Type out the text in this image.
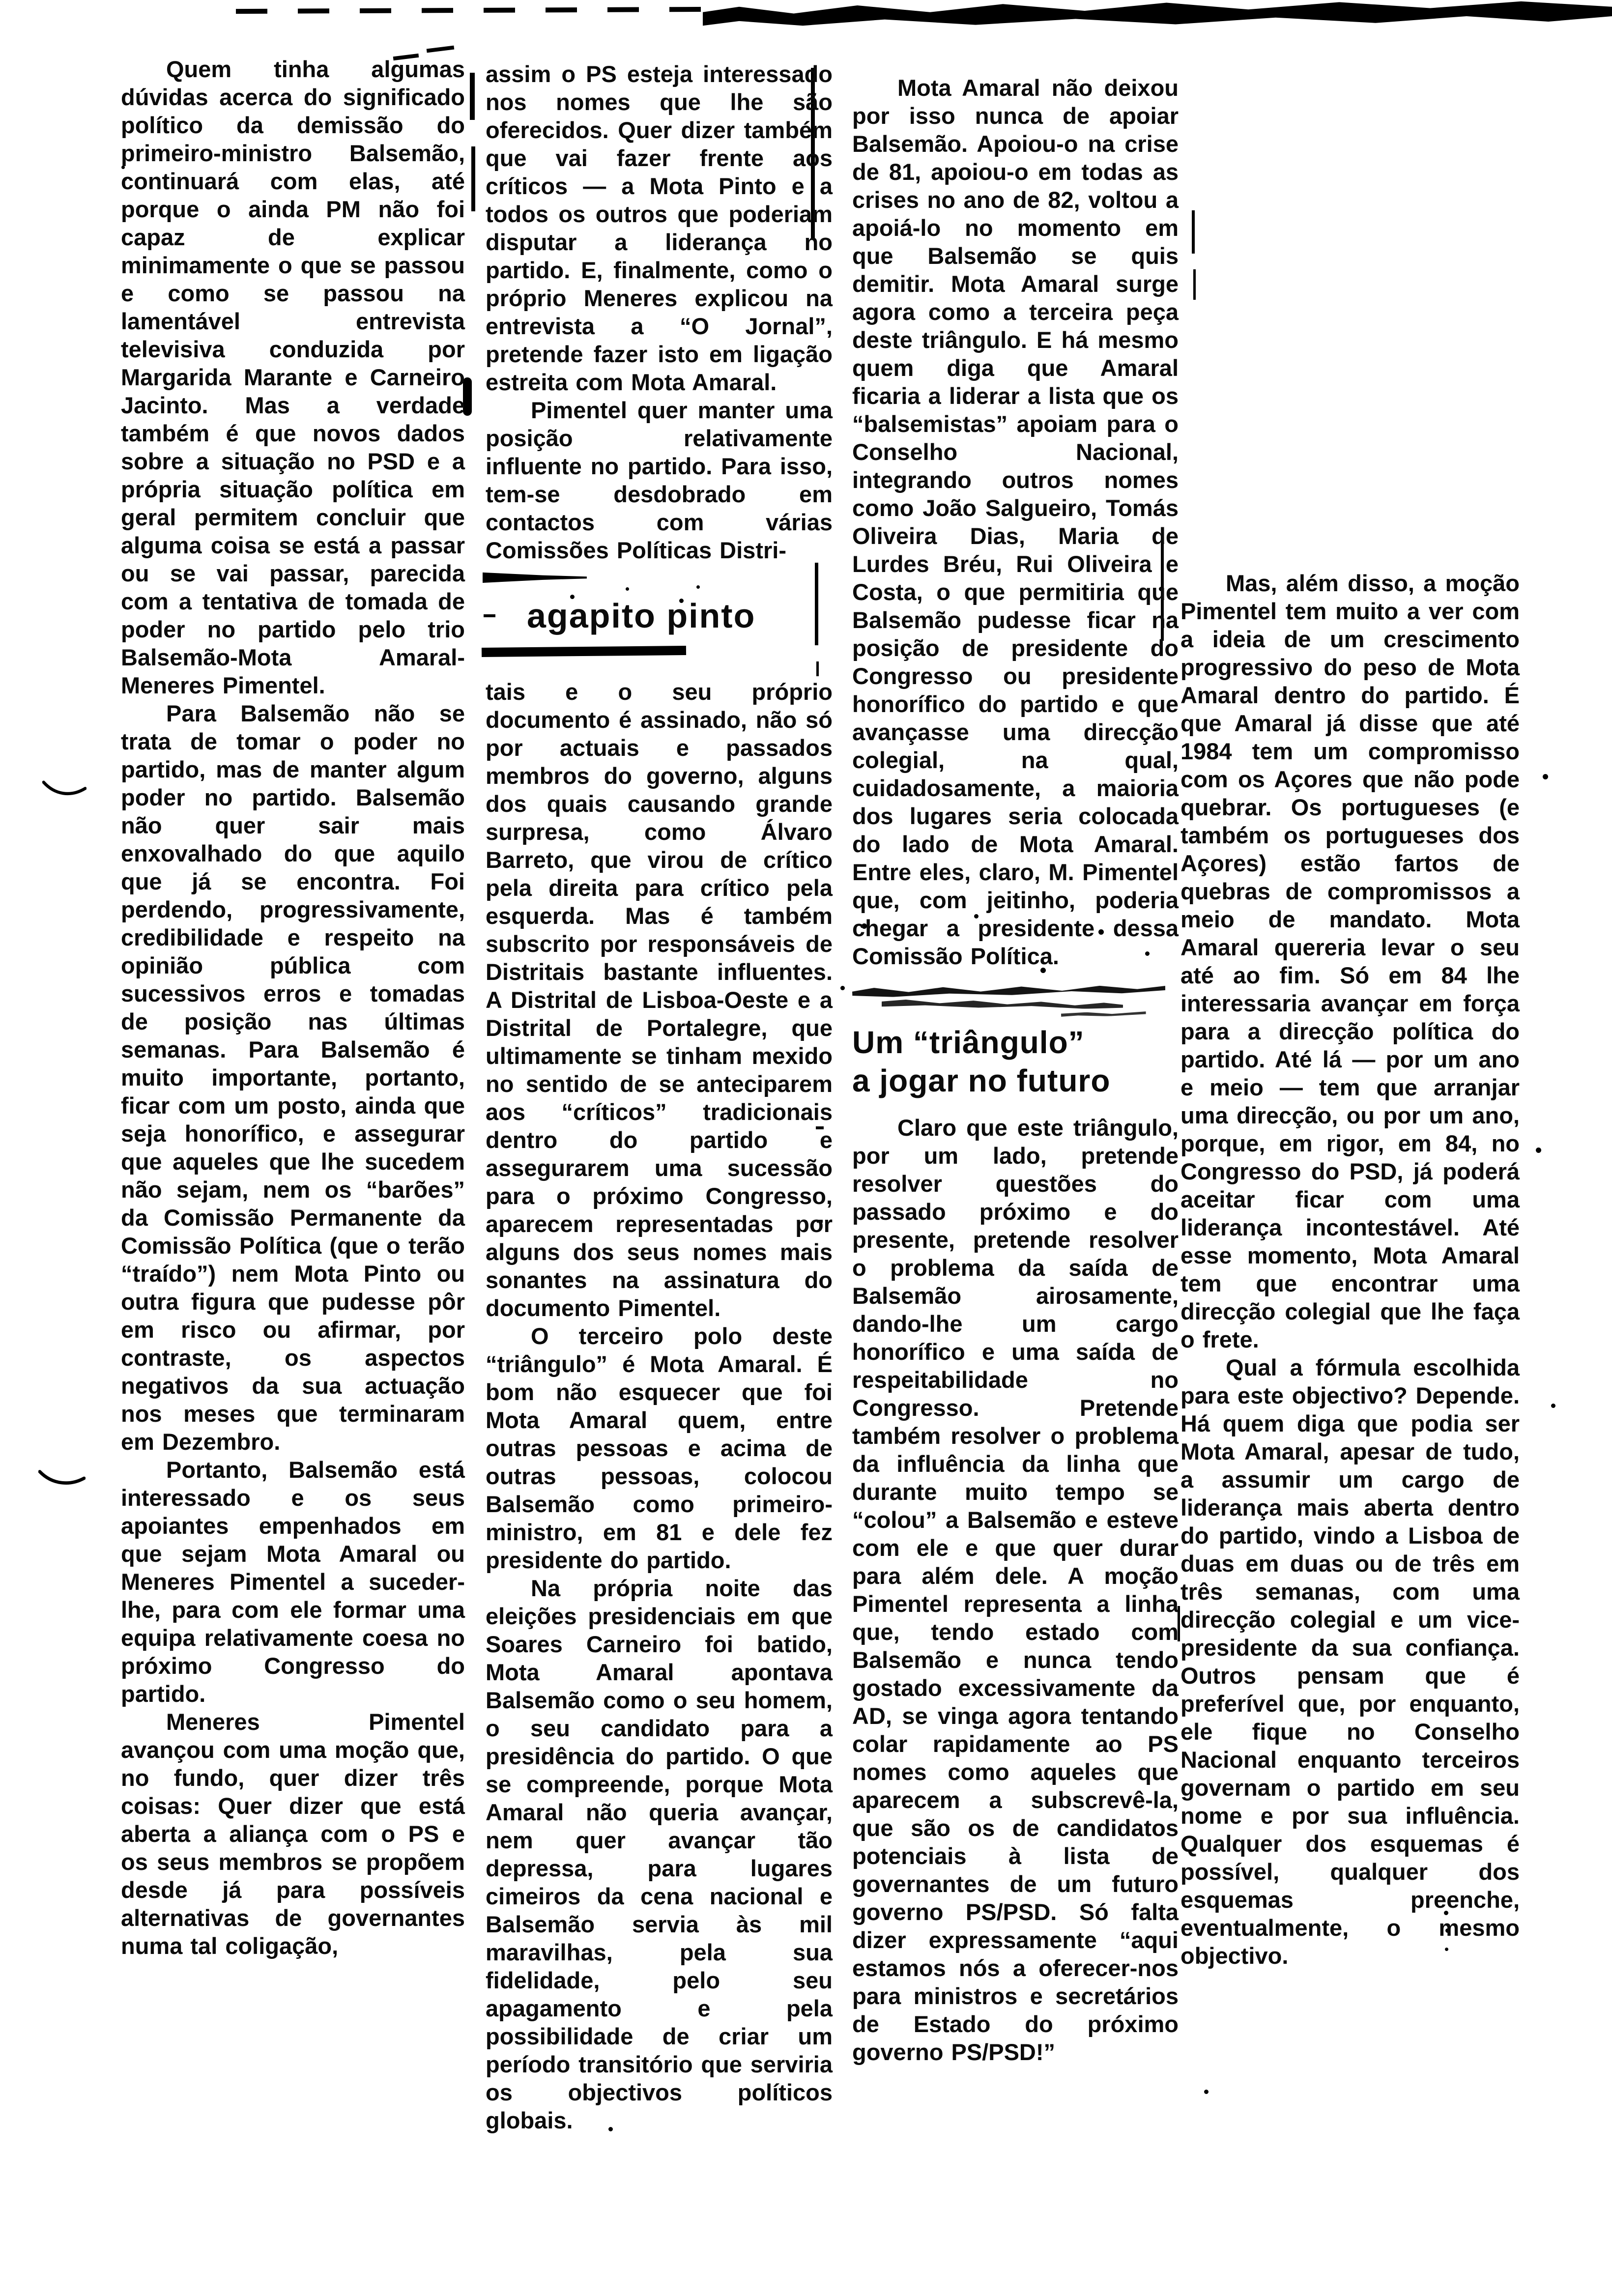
Quem tinha algumas dúvidas acerca do significado político da demissão do primeiro-ministro Balsemão, continuará com elas, até porque o ainda PM não foi capaz de explicar minimamente o que se passou e como se passou na lamentável entrevista televisiva conduzida por Margarida Marante e Carneiro Jacinto. Mas a verdade também é que novos dados sobre a situação no PSD e a própria situação política em geral permitem concluir que alguma coisa se está a passar ou se vai passar, parecida com a tentativa de tomada de poder no partido pelo trio Balsemão-Mota Amaral-Meneres Pimentel.

Para Balsemão não se trata de tomar o poder no partido, mas de manter algum poder no partido. Balsemão não quer sair mais enxovalhado do que aquilo que já se encontra. Foi perdendo, progressivamente, credibilidade e respeito na opinião pública com sucessivos erros e tomadas de posição nas últimas semanas. Para Balsemão é muito importante, portanto, ficar com um posto, ainda que seja honorífico, e assegurar que aqueles que lhe sucedem não sejam, nem os “barões” da Comissão Permanente da Comissão Política (que o terão “traído”) nem Mota Pinto ou outra figura que pudesse pôr em risco ou afirmar, por contraste, os aspectos negativos da sua actuação nos meses que terminaram em Dezembro.

Portanto, Balsemão está interessado e os seus apoiantes empenhados em que sejam Mota Amaral ou Meneres Pimentel a suceder-lhe, para com ele formar uma equipa relativamente coesa no próximo Congresso do partido.

Meneres Pimentel avançou com uma moção que, no fundo, quer dizer três coisas: Quer dizer que está aberta a aliança com o PS e os seus membros se propõem desde já para possíveis alternativas de governantes numa tal coligação,

assim o PS esteja interessado nos nomes que lhe são oferecidos. Quer dizer também que vai fazer frente aos críticos — a Mota Pinto e a todos os outros que poderiam disputar a liderança no partido. E, finalmente, como o próprio Meneres explicou na entrevista a “O Jornal”, pretende fazer isto em ligação estreita com Mota Amaral.

Pimentel quer manter uma posição relativamente influente no partido. Para isso, tem-se desdobrado em contactos com várias Comissões Políticas Distri-

agapito pinto

tais e o seu próprio documento é assinado, não só por actuais e passados membros do governo, alguns dos quais causando grande surpresa, como Álvaro Barreto, que virou de crítico pela direita para crítico pela esquerda. Mas é também subscrito por responsáveis de Distritais bastante influentes. A Distrital de Lisboa-Oeste e a Distrital de Portalegre, que ultimamente se tinham mexido no sentido de se anteciparem aos “críticos” tradicionais dentro do partido e assegurarem uma sucessão para o próximo Congresso, aparecem representadas por alguns dos seus nomes mais sonantes na assinatura do documento Pimentel.

O terceiro polo deste “triângulo” é Mota Amaral. É bom não esquecer que foi Mota Amaral quem, entre outras pessoas e acima de outras pessoas, colocou Balsemão como primeiro-ministro, em 81 e dele fez presidente do partido.

Na própria noite das eleições presidenciais em que Soares Carneiro foi batido, Mota Amaral apontava Balsemão como o seu homem, o seu candidato para a presidência do partido. O que se compreende, porque Mota Amaral não queria avançar, nem quer avançar tão depressa, para lugares cimeiros da cena nacional e Balsemão servia às mil maravilhas, pela sua fidelidade, pelo seu apagamento e pela possibilidade de criar um período transitório que serviria os objectivos políticos globais.

Mota Amaral não deixou por isso nunca de apoiar Balsemão. Apoiou-o na crise de 81, apoiou-o em todas as crises no ano de 82, voltou a apoiá-lo no momento em que Balsemão se quis demitir. Mota Amaral surge agora como a terceira peça deste triângulo. E há mesmo quem diga que Amaral ficaria a liderar a lista que os “balsemistas” apoiam para o Conselho Nacional, integrando outros nomes como João Salgueiro, Tomás Oliveira Dias, Maria de Lurdes Bréu, Rui Oliveira e Costa, o que permitiria que Balsemão pudesse ficar na posição de presidente do Congresso ou presidente honorífico do partido e que avançasse uma direcção colegial, na qual, cuidadosamente, a maioria dos lugares seria colocada do lado de Mota Amaral. Entre eles, claro, M. Pimentel que, com jeitinho, poderia chegar a presidente dessa Comissão Política.

Um “triângulo”
a jogar no futuro

Claro que este triângulo, por um lado, pretende resolver questões do passado próximo e do presente, pretende resolver o problema da saída de Balsemão airosamente, dando-lhe um cargo honorífico e uma saída de respeitabilidade no Congresso. Pretende também resolver o problema da influência da linha que durante muito tempo se “colou” a Balsemão e esteve com ele e que quer durar para além dele. A moção Pimentel representa a linha que, tendo estado com Balsemão e nunca tendo gostado excessivamente da AD, se vinga agora tentando colar rapidamente ao PS nomes como aqueles que aparecem a subscrevê-la, que são os de candidatos potenciais à lista de governantes de um futuro governo PS/PSD. Só falta dizer expressamente “aqui estamos nós a oferecer-nos para ministros e secretários de Estado do próximo governo PS/PSD!”

Mas, além disso, a moção Pimentel tem muito a ver com a ideia de um crescimento progressivo do peso de Mota Amaral dentro do partido. É que Amaral já disse que até 1984 tem um compromisso com os Açores que não pode quebrar. Os portugueses (e também os portugueses dos Açores) estão fartos de quebras de compromissos a meio de mandato. Mota Amaral quereria levar o seu até ao fim. Só em 84 lhe interessaria avançar em força para a direcção política do partido. Até lá — por um ano e meio — tem que arranjar uma direcção, ou por um ano, porque, em rigor, em 84, no Congresso do PSD, já poderá aceitar ficar com uma liderança incontestável. Até esse momento, Mota Amaral tem que encontrar uma direcção colegial que lhe faça o frete.

Qual a fórmula escolhida para este objectivo? Depende. Há quem diga que podia ser Mota Amaral, apesar de tudo, a assumir um cargo de liderança mais aberta dentro do partido, vindo a Lisboa de duas em duas ou de três em três semanas, com uma direcção colegial e um vice-presidente da sua confiança. Outros pensam que é preferível que, por enquanto, ele fique no Conselho Nacional enquanto terceiros governam o partido em seu nome e por sua influência. Qualquer dos esquemas é possível, qualquer dos esquemas preenche, eventualmente, o mesmo objectivo.
